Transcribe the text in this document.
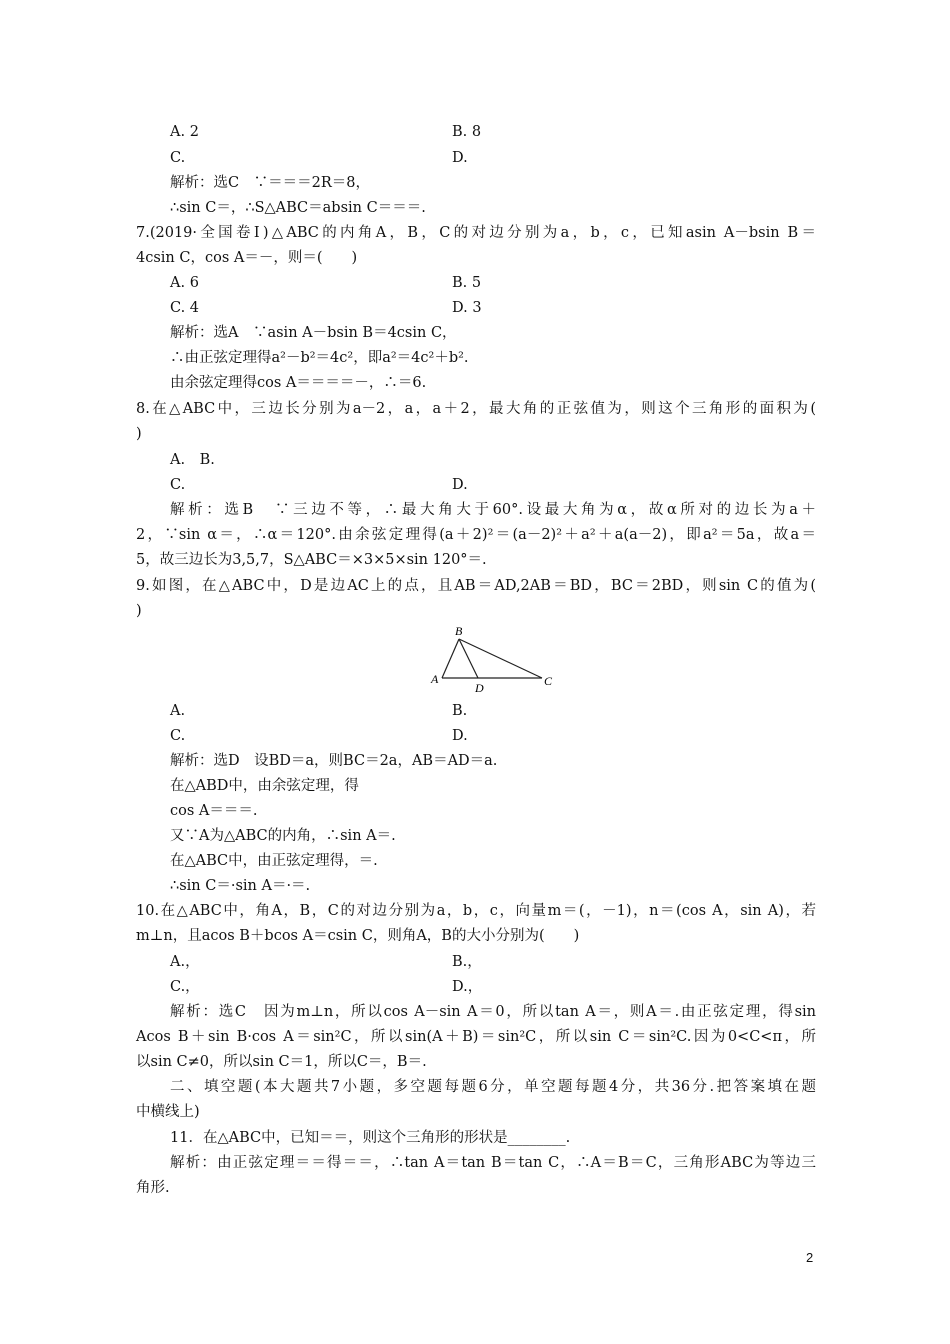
A. 2	B. 8
C.	D.
解析：选C　∵＝＝＝2R＝8，
∴sin C＝，∴S△ABC＝absin C＝＝＝.
7.(2019·全国卷Ⅰ)△ABC的内角A，B，C的对边分别为a，b，c，已知asin A－bsin B＝
4csin C，cos A＝－，则＝(　　)
A. 6	B. 5
C. 4	D. 3
解析：选A　∵asin A－bsin B＝4csin C，
∴由正弦定理得a²－b²＝4c²，即a²＝4c²＋b².
由余弦定理得cos A＝＝＝＝－，∴＝6.
8.在△ABC中，三边长分别为a－2，a，a＋2，最大角的正弦值为，则这个三角形的面积为(
)
A.　B.
C.	D.
解析：选B　∵三边不等，∴最大角大于60°.设最大角为α，故α所对的边长为a＋
2，∵sin α＝，∴α＝120°.由余弦定理得(a＋2)²＝(a－2)²＋a²＋a(a－2)，即a²＝5a，故a＝
5，故三边长为3,5,7，S△ABC＝×3×5×sin 120°＝.
9.如图，在△ABC中，D是边AC上的点，且AB＝AD,2AB＝BD，BC＝2BD，则sin C的值为(
)
B
A
D	C
A.	B.
C.	D.
解析：选D　设BD＝a，则BC＝2a，AB＝AD＝a.
在△ABD中，由余弦定理，得
cos A＝＝＝.
又∵A为△ABC的内角，∴sin A＝.
在△ABC中，由正弦定理得，＝.
∴sin C＝·sin A＝·＝.
10.在△ABC中，角A，B，C的对边分别为a，b，c，向量m＝(，－1)，n＝(cos A，sin A)，若
m⊥n，且acos B＋bcos A＝csin C，则角A，B的大小分别为(　　)
A.，	B.，
C.，	D.，
解析：选C　因为m⊥n，所以cos A－sin A＝0，所以tan A＝，则A＝.由正弦定理，得sin
Acos B＋sin B·cos A＝sin²C，所以sin(A＋B)＝sin²C，所以sin C＝sin²C.因为0<C<π，所
以sin C≠0，所以sin C＝1，所以C＝，B＝.
二、填空题(本大题共7小题，多空题每题6分，单空题每题4分，共36分.把答案填在题
中横线上)
11．在△ABC中，已知＝＝，则这个三角形的形状是________.
解析：由正弦定理＝＝得＝＝，∴tan A＝tan B＝tan C，∴A＝B＝C，三角形ABC为等边三
角形.
2
